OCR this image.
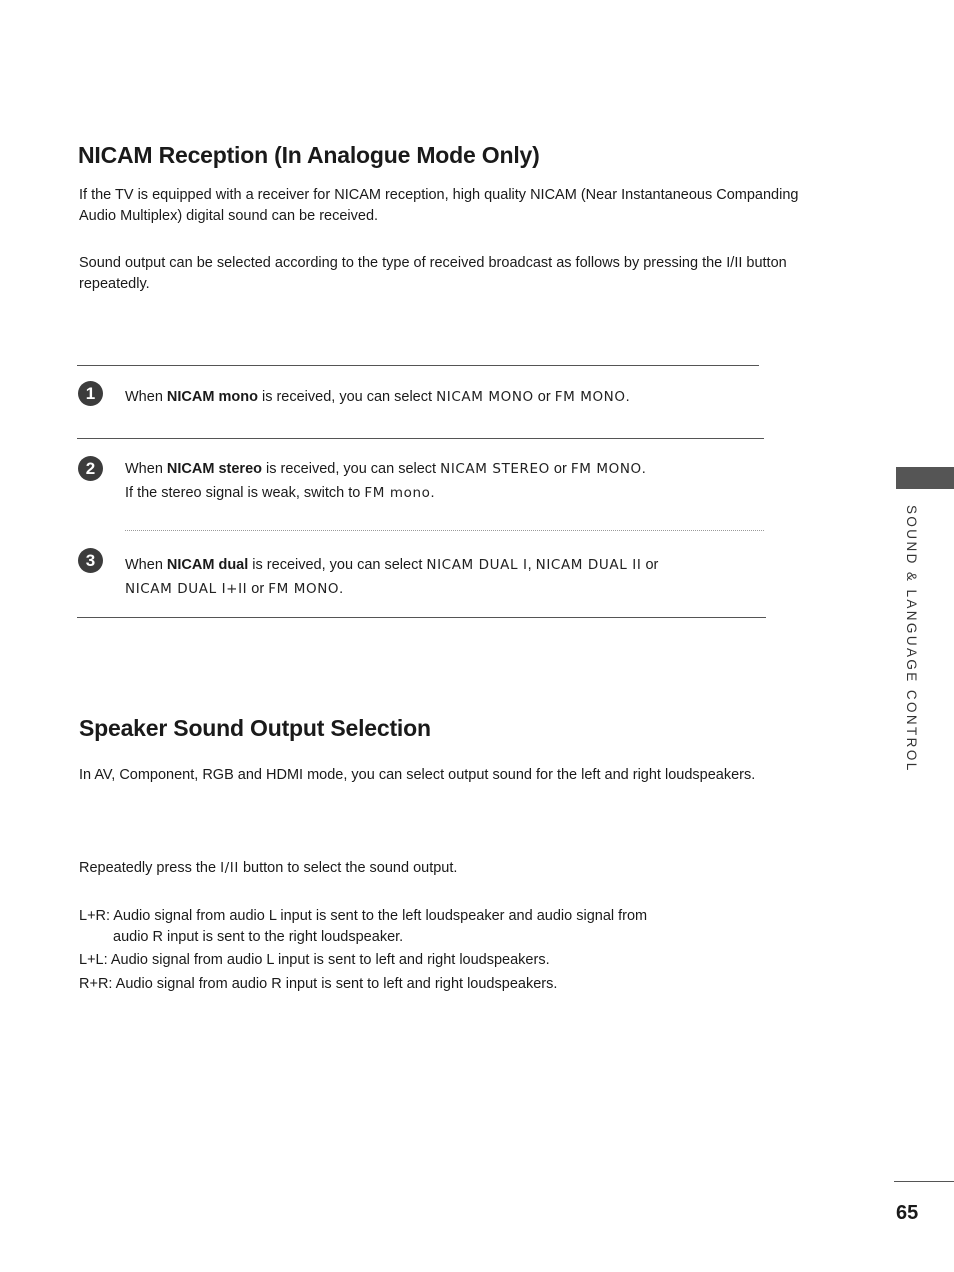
NICAM Reception (In Analogue Mode Only)

If the TV is equipped with a receiver for NICAM reception, high quality NICAM (Near Instantaneous Companding Audio Multiplex) digital sound can be received.

Sound output can be selected according to the type of received broadcast as follows by pressing the I/II button repeatedly.

1	When NICAM mono is received, you can select NICAM MONO or FM MONO.

2	When NICAM stereo is received, you can select NICAM STEREO or FM MONO.

If the stereo signal is weak, switch to FM mono.

3	When NICAM dual is received, you can select NICAM DUAL I, NICAM DUAL II or
NICAM DUAL I+II or FM MONO.

Speaker Sound Output Selection

In AV, Component, RGB and HDMI mode, you can select output sound for the left and right loudspeakers.

Repeatedly press the I/II button to select the sound output.

L+R: Audio signal from audio L input is sent to the left loudspeaker and audio signal from

audio R input is sent to the right loudspeaker.

L+L: Audio signal from audio L input is sent to left and right loudspeakers.

R+R: Audio signal from audio R input is sent to left and right loudspeakers.

SOUND & LANGUAGE CONTROL
65
